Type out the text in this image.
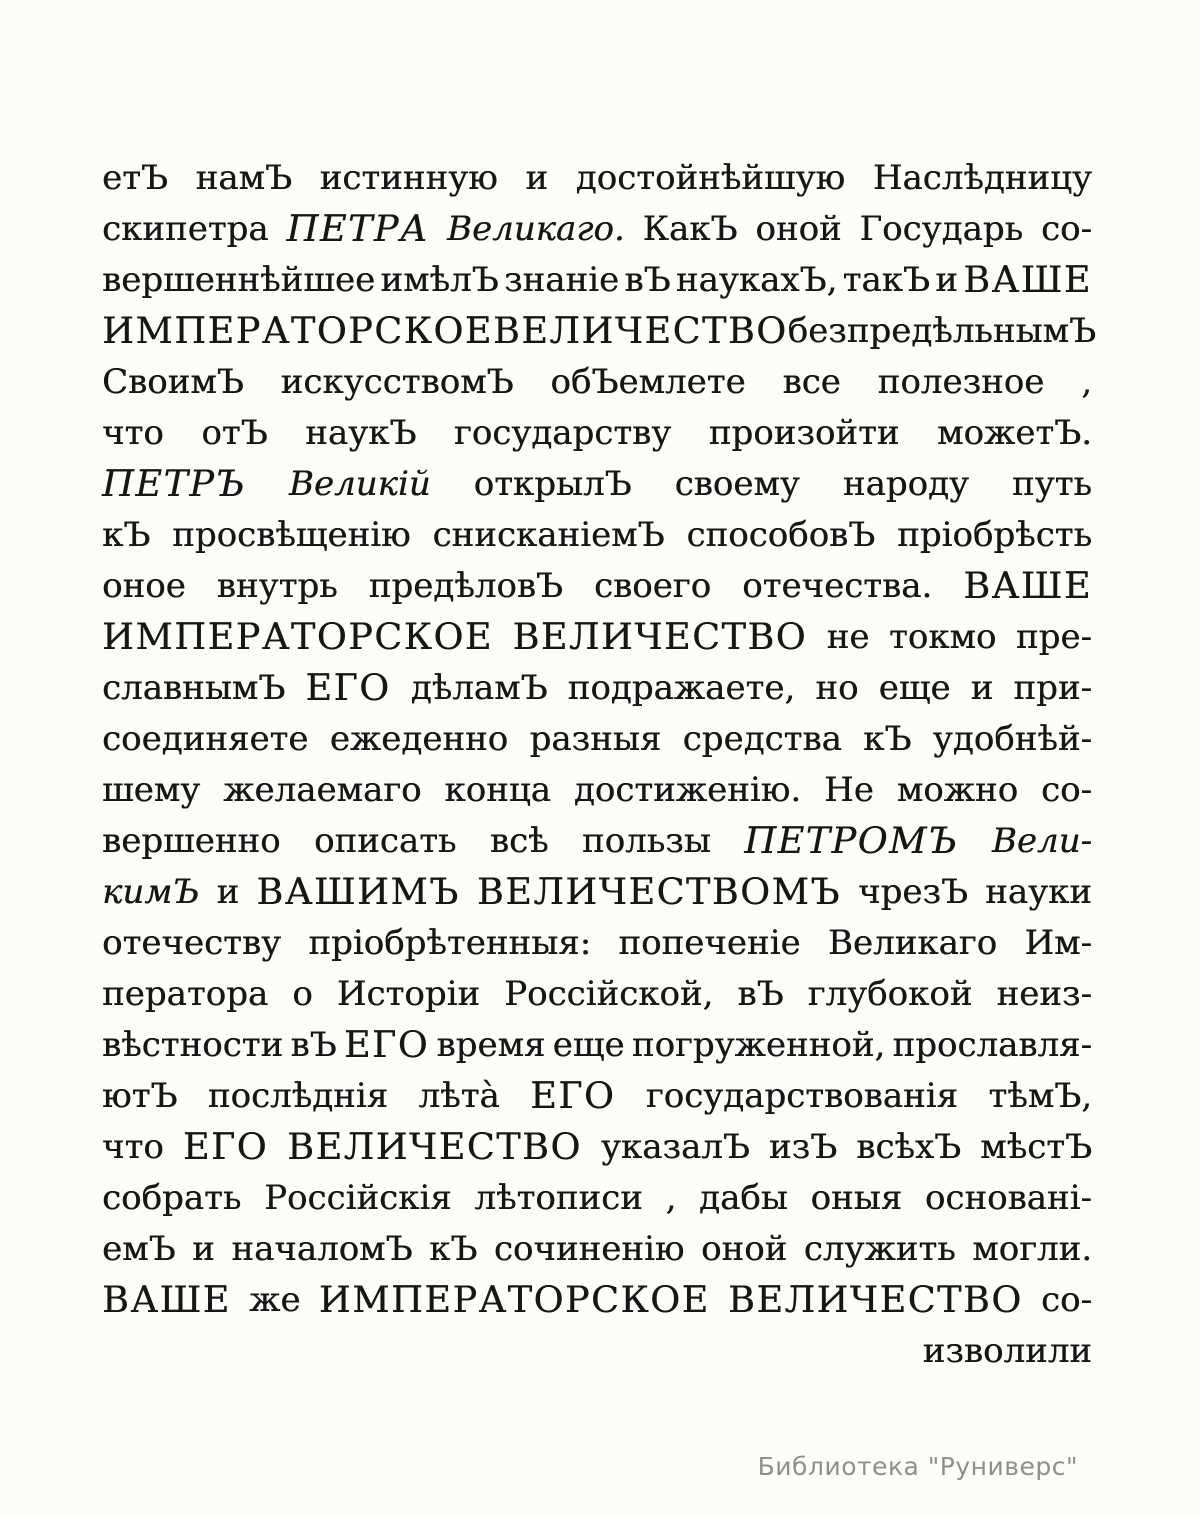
етЪ намЪ истинную и достойнѣйшую Наслѣдницу
скипетра ПЕТРА Великаго. КакЪ оной Государь со-
вершеннѣйшее имѣлЪ знаніе вЪ наукахЪ, такЪ и ВАШЕ
ИМПЕРАТОРСКОЕ ВЕЛИЧЕСТВО безпредѣльнымЪ
СвоимЪ искусствомЪ обЪемлете все полезное ,
что отЪ наукЪ государству произойти можетЪ.
ПЕТРЪ Великій открылЪ своему народу путь
кЪ просвѣщенію снисканіемЪ способовЪ пріобрѣсть
оное внутрь предѣловЪ своего отечества. ВАШЕ
ИМПЕРАТОРСКОЕ ВЕЛИЧЕСТВО не токмо пре-
славнымЪ ЕГО дѣламЪ подражаете, но еще и при-
соединяете ежеденно разныя средства кЪ удобнѣй-
шему желаемаго конца достиженію. Не можно со-
вершенно описать всѣ пользы ПЕТРОМЪ Вели-
кимЪ и ВАШИМЪ ВЕЛИЧЕСТВОМЪ чрезЪ науки
отечеству пріобрѣтенныя: попеченіе Великаго Им-
ператора о Исторіи Россійской, вЪ глубокой неиз-
вѣстности вЪ ЕГО время еще погруженной, прославля-
ютЪ послѣднія лѣта̀ ЕГО государствованія тѣмЪ,
что ЕГО ВЕЛИЧЕСТВО указалЪ изЪ всѣхЪ мѣстЪ
собрать Россійскія лѣтописи , дабы оныя основані-
емЪ и началомЪ кЪ сочиненію оной служить могли.
ВАШЕ же ИМПЕРАТОРСКОЕ ВЕЛИЧЕСТВО со-
изволили
Библиотека "Руниверс"
